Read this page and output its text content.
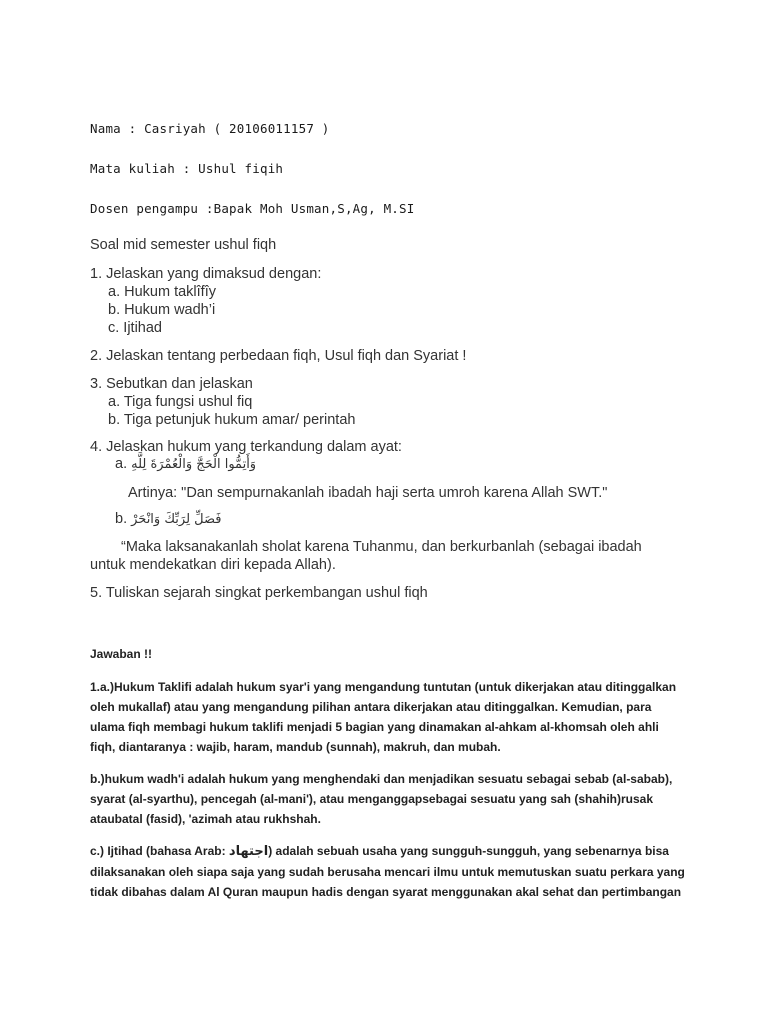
Nama : Casriyah ( 20106011157 )
Mata kuliah : Ushul fiqih
Dosen pengampu :Bapak Moh Usman,S,Ag, M.SI
Soal mid semester ushul fiqh
1. Jelaskan yang dimaksud dengan:
a. Hukum taklîfîy
b. Hukum wadh’i
c. Ijtihad
2. Jelaskan tentang perbedaan fiqh, Usul fiqh dan Syariat !
3. Sebutkan dan jelaskan
a. Tiga fungsi ushul fiq
b. Tiga petunjuk hukum amar/ perintah
4. Jelaskan hukum yang terkandung dalam ayat:
a. وَأَتِمُّوا الْحَجَّ وَالْعُمْرَةَ لِلَّهِ
Artinya: "Dan sempurnakanlah ibadah haji serta umroh karena Allah SWT."
b. فَصَلِّ لِرَبِّكَ وَانْحَرْ
“Maka laksanakanlah sholat karena Tuhanmu, dan berkurbanlah (sebagai ibadah
untuk mendekatkan diri kepada Allah).
5. Tuliskan sejarah singkat perkembangan ushul fiqh
Jawaban !!
1.a.)Hukum Taklifi adalah hukum syar'i yang mengandung tuntutan (untuk dikerjakan atau ditinggalkan
oleh mukallaf) atau yang mengandung pilihan antara dikerjakan atau ditinggalkan. Kemudian, para
ulama fiqh membagi hukum taklifi menjadi 5 bagian yang dinamakan al-ahkam al-khomsah oleh ahli
fiqh, diantaranya : wajib, haram, mandub (sunnah), makruh, dan mubah.
b.)hukum wadh'i adalah hukum yang menghendaki dan menjadikan sesuatu sebagai sebab (al-sabab),
syarat (al-syarthu), pencegah (al-mani'), atau menganggapsebagai sesuatu yang sah (shahih)rusak
ataubatal (fasid), 'azimah atau rukhshah.
c.) Ijtihad (bahasa Arab: اجتهاد) adalah sebuah usaha yang sungguh-sungguh, yang sebenarnya bisa
dilaksanakan oleh siapa saja yang sudah berusaha mencari ilmu untuk memutuskan suatu perkara yang
tidak dibahas dalam Al Quran maupun hadis dengan syarat menggunakan akal sehat dan pertimbangan
